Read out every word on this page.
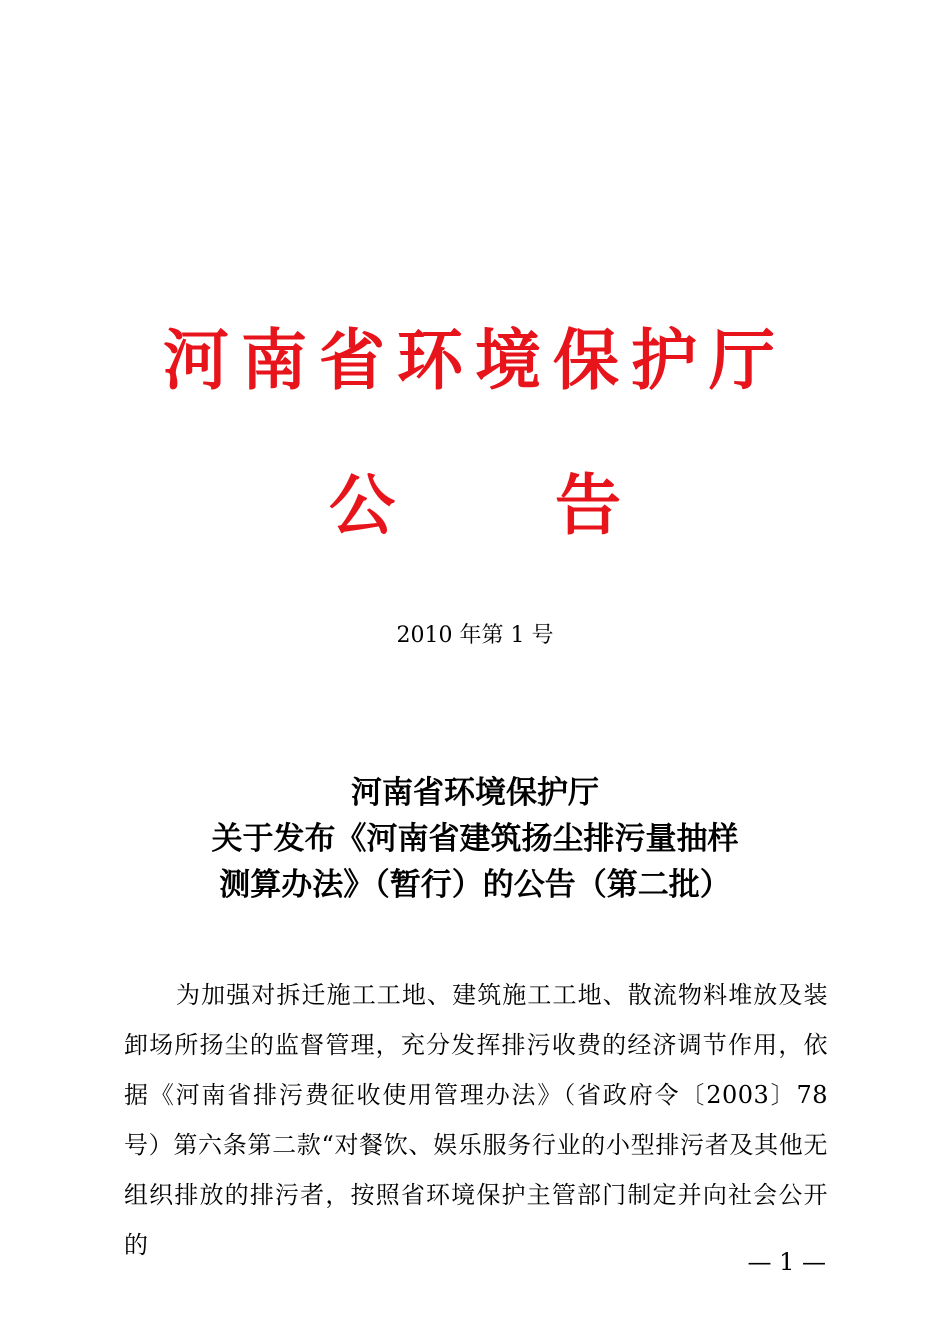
河南省环境保护厅
公 告
2010 年第 1 号
河南省环境保护厅
关于发布《河南省建筑扬尘排污量抽样
测算办法》（暂行）的公告（第二批）
为加强对拆迁施工工地、建筑施工工地、散流物料堆放及装卸场所扬尘的监督管理，充分发挥排污收费的经济调节作用，依据《河南省排污费征收使用管理办法》（省政府令〔2003〕78 号）第六条第二款“对餐饮、娱乐服务行业的小型排污者及其他无组织排放的排污者，按照省环境保护主管部门制定并向社会公开的
— 1 —
